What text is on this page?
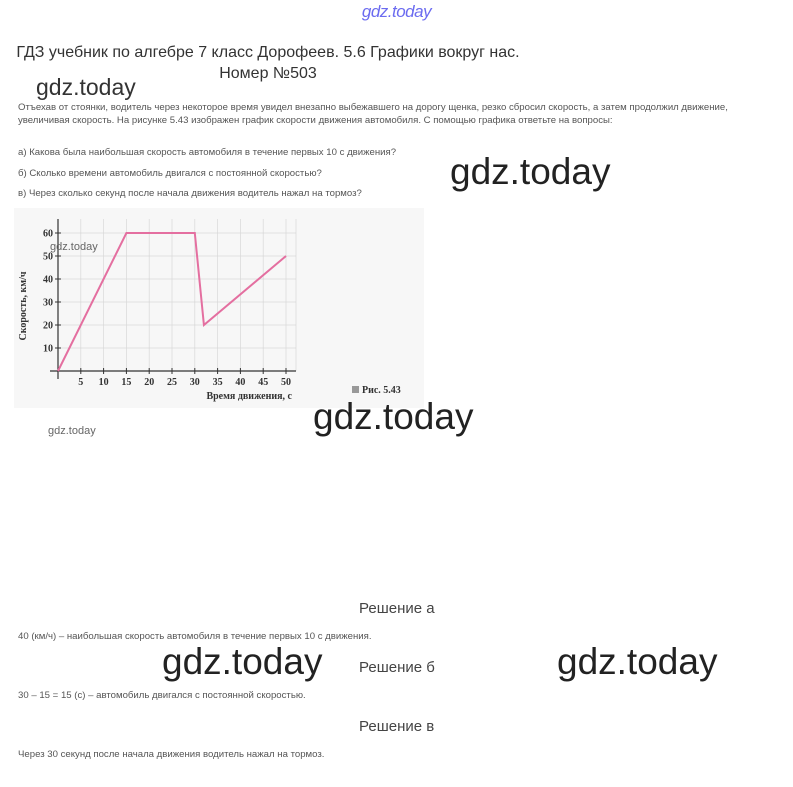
gdz.today
ГДЗ учебник по алгебре 7 класс Дорофеев. 5.6 Графики вокруг нас. Номер №503
gdz.today
Отъехав от стоянки, водитель через некоторое время увидел внезапно выбежавшего на дорогу щенка, резко сбросил скорость, а затем продолжил движение, увеличивая скорость. На рисунке 5.43 изображен график скорости движения автомобиля. С помощью графика ответьте на вопросы:
а) Какова была наибольшая скорость автомобиля в течение первых 10 с движения?
б) Сколько времени автомобиль двигался с постоянной скоростью?
в) Через сколько секунд после начала движения водитель нажал на тормоз?
gdz.today
5 10 15 20 25 30 35 40 45 50
10
20
30
40
50
60
Скорость, км/ч
Время движения, с
Рис. 5.43
gdz.today
gdz.today	gdz.today
Решение а
40 (км/ч) – наибольшая скорость автомобиля в течение первых 10 с движения.
gdz.today Решение б	gdz.today
30 – 15 = 15 (с) – автомобиль двигался с постоянной скоростью.
Решение в
Через 30 секунд после начала движения водитель нажал на тормоз.
